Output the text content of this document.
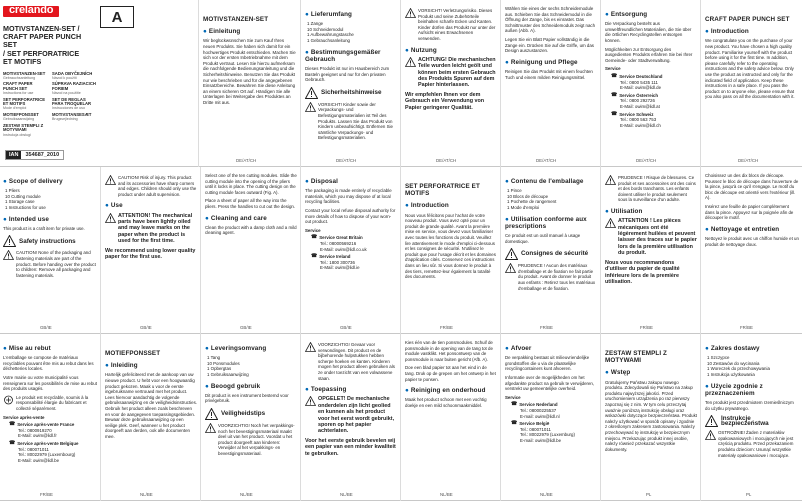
crelando
MOTIVSTANZEN-SET /
CRAFT PAPER PUNCH SET
/ SET PERFORATRICE
ET MOTIFS
MOTIVSTANZEN-SET
Gebrauchsanleitung
SADA OBYČEJNÍCH
Návod k použití
CRAFT PAPER PUNCH SET
Instructions for use
SÚPRAVA RAZIACICH FORIEM
Návod na použitie
SET PERFORATRICE ET MOTIFS
Mode d'emploi
SET DE REGLAS PARA TROQUELAR
Instrucciones de uso
MOTIEFPONSSET
Gebruiksaanwijzing
MOTIVSTANSESÆT
Brugsvejledning
ZESTAW STEMPLI Z MOTYWAMI
Instrukcja obsługi
IAN	354687_2010
A	MOTIVSTANZEN-SET
● Einleitung
Wir beglückwünschen Sie zum Kauf Ihres neuen Produkts. Sie haben sich damit für ein hochwertiges Produkt entschieden. Machen Sie sich vor der ersten Inbetriebnahme mit dem Produkt vertraut. Lesen Sie hierzu aufmerksam die nachfolgende Bedienungsanleitung und die Sicherheitshinweise. Benutzen Sie das Produkt nur wie beschrieben und für die angegebenen Einsatzbereiche. Bewahren Sie diese Anleitung an einem sicheren Ort auf. Händigen Sie alle Unterlagen bei Weitergabe des Produktes an Dritte mit aus.
DE/AT/CH
● Lieferumfang
1 Zange
10 Schneidemodul
1 Aufbewahrungstasche
1 Gebrauchsanleitung
● Bestimmungsgemäßer Gebrauch
Dieses Produkt ist nur im Hausbereich zum Basteln geeignet und nur für den privaten Gebrauch.
Sicherheitshinweise
VORSICHT! Kinder sowie der Verpackungs- und Befestigungsmaterialien ist Teil des Produkts. Lassen Sie das Produkt von Kindern unbeaufsichtigt. Entfernen Sie sämtliche Verpackungs- und Befestigungsmaterialien.
DE/AT/CH
VORSICHT! Verletzungsrisiko. Dieses Produkt und seine Zubehörteile beinhalten scharfe Ecken und Kanten. Kinder dürfen das Produkt nur unter der Aufsicht eines Erwachsenen verwenden.
● Nutzung
ACHTUNG! Die mechanischen Teile wurden leicht geölt und können beim ersten Gebrauch des Produkts Spuren auf dem Papier hinterlassen.
Wir empfehlen Ihnen vor dem Gebrauch ein Verwendung von Papier geringerer Qualität.
DE/AT/CH
Wählen Sie eines der sechs Schneidemodule aus. Schieben Sie das Schneidemodul in die Öffnung der Zange, bis es einrastet. Das Schnittmuster des Schneidemoduls zeigt nach außen (Abb. A).
Legen Sie ein Blatt Papier vollständig in die Zange ein. Drücken Sie auf die Griffe, um das Design auszustanzen.
● Reinigung und Pflege
Reinigen Sie das Produkt mit einem feuchten Tuch und einem milden Reinigungsmittel.
DE/AT/CH
● Entsorgung
Die Verpackung besteht aus umweltfreundlichen Materialien, die Sie über die örtlichen Recyclingstellen entsorgen können.
Möglichkeiten zur Entsorgung des ausgedienten Produkts erfahren Sie bei Ihrer Gemeinde- oder Stadtverwaltung.
Service
☎ Service Deutschland
Tel.: 0800 5435 111
E-Mail: owim@lidl.de
☎ Service Österreich
Tel.: 0800 292726
E-Mail: owim@lidl.at
☎ Service Schweiz
Tel.: 0800 563 753
E-Mail: owim@lidl.ch
DE/AT/CH
CRAFT PAPER PUNCH SET
● Introduction
We congratulate you on the purchase of your new product. You have chosen a high quality product. Familiarise yourself with the product before using it for the first time. In addition, please carefully refer to the operating instructions and the safety advice below. Only use the product as instructed and only for the indicated field of application. Keep these instructions in a safe place. If you pass the product on to anyone else, please ensure that you also pass on all the documentation with it.
DE/AT/CH
● Scope of delivery
1 Pliers
10 Cutting module
1 Storage case
1 Instructions for use
● Intended use
This product is a craft item for private use.
Safety instructions
CAUTION! None of the packaging and fastening materials are part of the product. Before handing over the product to children: Remove all packaging and fastening materials.
GB/IE
CAUTION! Risk of injury. This product and its accessories have sharp corners and edges. Children should only use the product under adult supervision.
● Use
ATTENTION! The mechanical parts have been lightly oiled and may leave marks on the paper when the product is used for the first time.
We recommend using lower quality paper for the first use.
GB/IE
Select one of the ten cutting modules. Slide the cutting module into the opening of the pliers until it locks in place. The cutting design on the cutting module faces outward (Fig. A).
Place a sheet of paper all the way into the pliers. Press the handles to cut out the design.
● Cleaning and care
Clean the product with a damp cloth and a mild cleaning agent.
GB/IE
● Disposal
The packaging is made entirely of recyclable materials, which you may dispose of at local recycling facilities.
Contact your local refuse disposal authority for more details of how to dispose of your worn-out product.
Service
☎ Service Great Britain
Tel.: 08000569216
E-Mail: owim@lidl.co.uk
☎ Service Ireland
Tel.: 1800 300736
E-Mail: owim@lidl.ie
GB/IE
SET PERFORATRICE ET MOTIFS
● Introduction
Nous vous félicitons pour l'achat de votre nouveau produit. Vous avez opté pour un produit de grande qualité. Avant la première mise en service, vous devez vous familiariser avec toutes les fonctions du produit. Veuillez lire attentivement le mode d'emploi ci-dessous et les consignes de sécurité. N'utilisez le produit que pour l'usage décrit et les domaines d'application cités. Conservez ces instructions dans un lieu sûr. Si vous donnez le produit à des tiers, remettez-leur également la totalité des documents.
FR/BE
● Contenu de l'emballage
1 Pince
10 Blocs de découpe
1 Pochette de rangement
1 Mode d'emploi
● Utilisation conforme aux prescriptions
Ce produit est un outil manuel à usage domestique.
Consignes de sécurité
PRUDENCE ! Aucun des matériaux d'emballage et de fixation ne fait partie du produit. Avant de donner le produit aux enfants : Retirez tous les matériaux d'emballage et de fixation.
FR/BE
PRUDENCE ! Risque de blessures. Ce produit et ses accessoires ont des coins et des bords tranchants. Les enfants doivent utiliser le produit seulement sous la surveillance d'un adulte.
● Utilisation
ATTENTION ! Les pièces mécaniques ont été légèrement huilées et peuvent laisser des traces sur le papier lors de la première utilisation du produit.
Nous vous recommandons d'utiliser du papier de qualité inférieure lors de la première utilisation.
FR/BE
Choisissez un des dix blocs de découpe. Poussez le bloc de découpe dans l'ouverture de la pince, jusqu'à ce qu'il s'engage. Le motif du bloc de découpe est orienté vers l'extérieur (ill. A).
Insérez une feuille de papier complètement dans la pince. Appuyez sur la poignée afin de découper le motif.
● Nettoyage et entretien
Nettoyez le produit avec un chiffon humide et un produit de nettoyage doux.
FR/BE
● Mise au rebut
L'emballage se compose de matériaux recyclables pouvant être mis au rebut dans les déchetteries locales.
Votre mairie ou votre municipalité vous renseignera sur les possibilités de mise au rebut des produits usagés.
Le produit est recyclable, soumis à la responsabilité élargie du fabricant et collecté séparément.
Service après-vente
☎ Service après-vente France
Tel.: 0800919270
E-Mail: owim@lidl.fr
☎ Service après-vente Belgique
Tel.: 080071011
Tel.: 80022979 (Luxembourg)
E-Mail: owim@lidl.be
FR/BE
MOTIEFPONSSET
● Inleiding
Hartelijk gefeliciteerd met de aankoop van uw nieuwe product. U hebt voor een hoogwaardig product gekozen. Maak u voor de eerste ingebruikname vertrouwd met het product. Lees hiervoor aandachtig de volgende gebruiksaanwijzing en de veiligheidsinstructies. Gebruik het product alleen zoals beschreven en voor de aangegeven toepassingsgebieden. Bewaar deze gebruiksaanwijzing op een veilige plek. Geef, wanneer u het product doorgeeft aan derden, ook alle documenten mee.
NL/BE
● Leveringsomvang
1 Tang
10 Ponsmodules
1 Opbergtas
1 Gebruiksaanwijzing
● Beoogd gebruik
Dit product is een instrument bestemd voor privégebruik.
Veiligheidstips
VOORZICHTIG! Noch het verpakkings- noch het bevestigingsmateriaal maakt deel uit van het product. Voordat u het product doorgeeft aan kinderen: Verwijder al het verpakkings- en bevestigingsmateriaal.
NL/BE
VOORZICHTIG! Gevaar voor verwondingen. Dit product en de bijbehorende hulpstukken hebben scherpe hoeken en kanten. Kinderen mogen het product alleen gebruiken als ze onder toezicht van een volwassene staan.
● Toepassing
OPGELET! De mechanische onderdelen zijn licht geolied en kunnen als het product voor het eerst wordt gebruikt, sporen op het papier achterlaten.
Voor het eerste gebruik bevelen wij een papier van een minder kwaliteit te gebruiken.
NL/BE
Kies één van de tien ponsmodules. Schuif de ponsmodule in de opening van de tang tot de module vastklikt. Het ponsontwerp van de ponsmodule is naar buiten gericht (Afb. A).
Doe een blad papier tot aan het eind in de tang. Druk op de grepen om het ontwerp in het papier te ponsen.
● Reiniging en onderhoud
Maak het product schoon met een vochtig doekje en een mild schoonmaakmiddel.
NL/BE
● Afvoer
De verpakking bestaat uit milieuvriendelijke grondstoffen die u via de plaatselijke recyclingcontainers kunt afvoeren.
Informatie over de mogelijkheden om het afgedankte product na gebruik te verwijderen, verstrekt uw gemeentelijke overheid.
Service
☎ Service Nederland
Tel.: 08000225537
E-mail: owim@lidl.nl
☎ Service België
Tel.: 080071011
Tel.: 80022979 (Luxemburg)
E-mail: owim@lidl.be
NL/BE
ZESTAW STEMPLI Z MOTYWAMI
● Wstęp
Gratulujemy Państwu zakupu nowego produktu. Zdecydowali się Państwo na zakup produktu najwyższej jakości. Przed uruchomieniem urządzenia po raz pierwszy zapoznaj się z nim. W tym celu przeczytaj uważnie poniższą instrukcję obsługi oraz wskazówki dotyczące bezpieczeństwa. Produkt należy użytkować w sposób opisany i zgodnie z określonym zakresem zastosowania. Należy przechowywać tę instrukcję w bezpiecznym miejscu. Przekazując produkt innej osobie, należy również przekazać wszystkie dokumenty.
PL
● Zakres dostawy
1 Szczypce
10 Zestawów do wycinania
1 Woreczek do przechowywania
1 Instrukcja użytkowania
● Użycie zgodnie z przeznaczeniem
Ten produkt jest przedmiotem rzemieślniczym do użytku prywatnego.
Instrukcje bezpieczeństwa
OSTROŻNIE! Żaden z materiałów opakowaniowych i mocujących nie jest częścią produktu. Przed przekazaniem produktu dzieciom: Usunąć wszystkie materiały opakowaniowe i mocujące.
PL
